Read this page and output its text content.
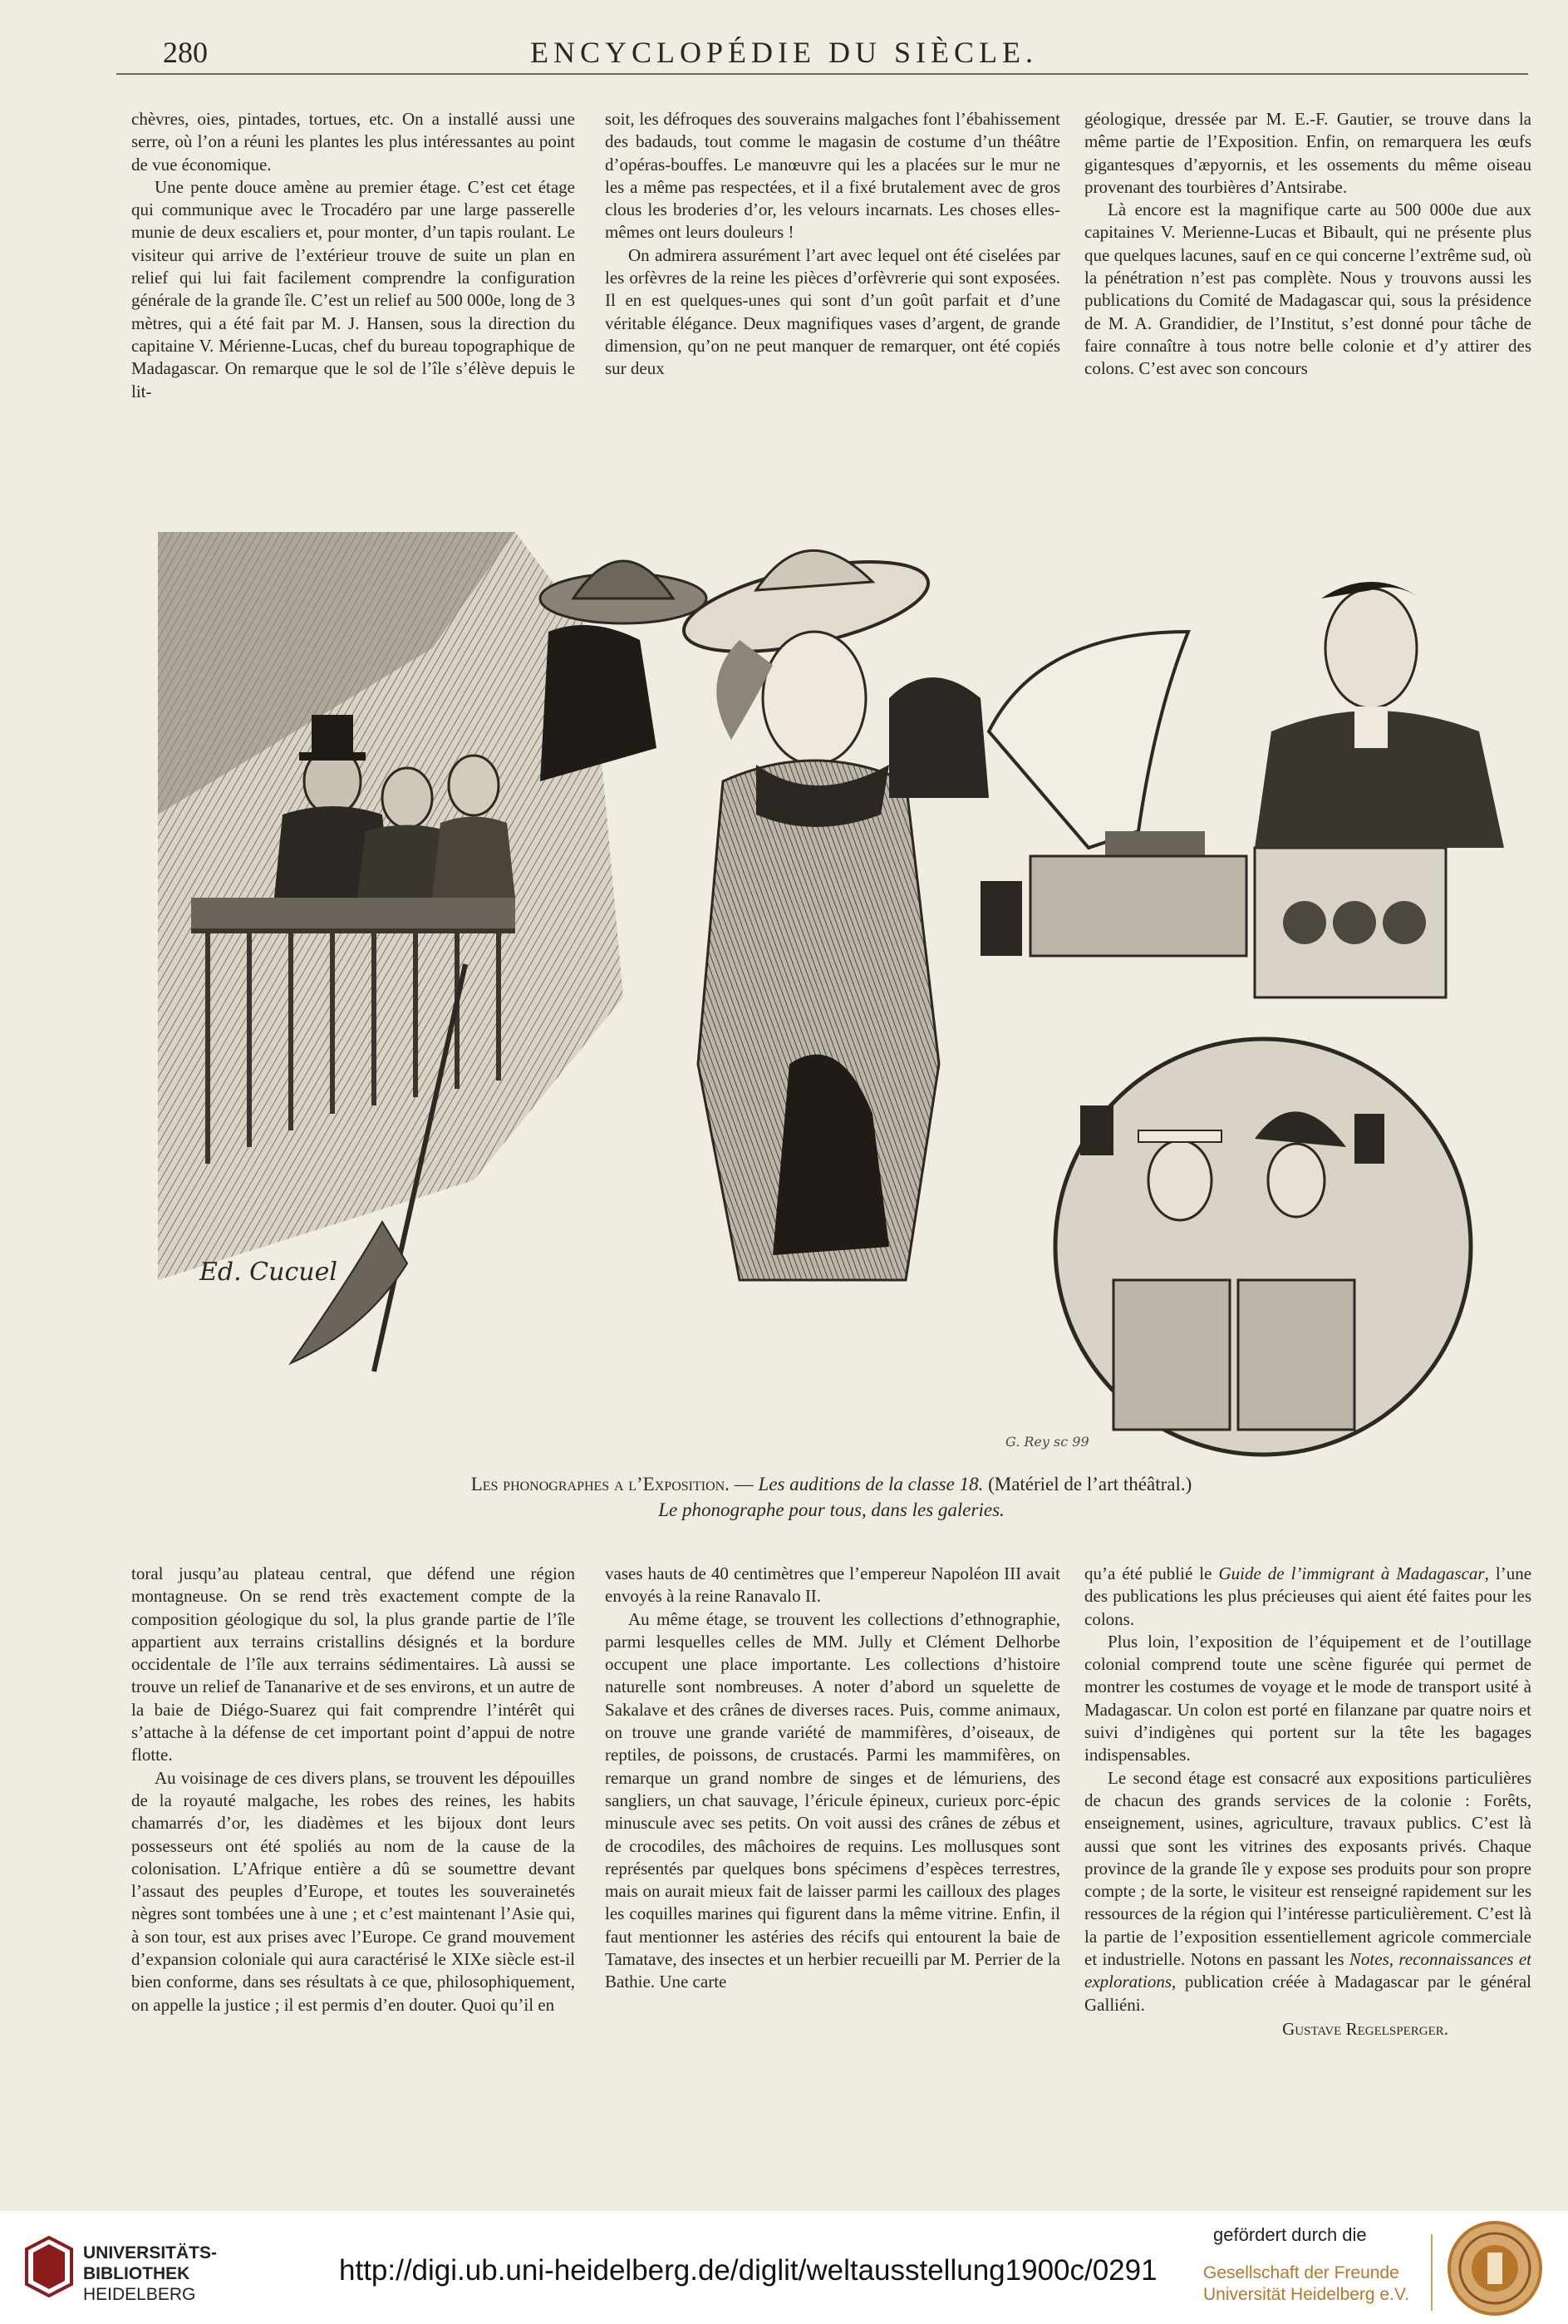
280	ENCYCLOPÉDIE DU SIÈCLE.

chèvres, oies, pintades, tortues, etc. On a installé aussi une serre, où l’on a réuni les plantes les plus intéressantes au point de vue économique.

Une pente douce amène au premier étage. C’est cet étage qui communique avec le Trocadéro par une large passerelle munie de deux escaliers et, pour monter, d’un tapis roulant. Le visiteur qui arrive de l’extérieur trouve de suite un plan en relief qui lui fait facilement comprendre la configuration générale de la grande île. C’est un relief au 500 000e, long de 3 mètres, qui a été fait par M. J. Hansen, sous la direction du capitaine V. Mérienne-Lucas, chef du bureau topographique de Madagascar. On remarque que le sol de l’île s’élève depuis le lit-

soit, les défroques des souverains malgaches font l’ébahissement des badauds, tout comme le magasin de costume d’un théâtre d’opéras-bouffes. Le manœuvre qui les a placées sur le mur ne les a même pas respectées, et il a fixé brutalement avec de gros clous les broderies d’or, les velours incarnats. Les choses elles-mêmes ont leurs douleurs !

On admirera assurément l’art avec lequel ont été ciselées par les orfèvres de la reine les pièces d’orfèvrerie qui sont exposées. Il en est quelques-unes qui sont d’un goût parfait et d’une véritable élégance. Deux magnifiques vases d’argent, de grande dimension, qu’on ne peut manquer de remarquer, ont été copiés sur deux

géologique, dressée par M. E.-F. Gautier, se trouve dans la même partie de l’Exposition. Enfin, on remarquera les œufs gigantesques d’æpyornis, et les ossements du même oiseau provenant des tourbières d’Antsirabe.

Là encore est la magnifique carte au 500 000e due aux capitaines V. Merienne-Lucas et Bibault, qui ne présente plus que quelques lacunes, sauf en ce qui concerne l’extrême sud, où la pénétration n’est pas complète. Nous y trouvons aussi les publications du Comité de Madagascar qui, sous la présidence de M. A. Grandidier, de l’Institut, s’est donné pour tâche de faire connaître à tous notre belle colonie et d’y attirer des colons. C’est avec son concours

Ed. Cucuel
G. Rey sc 99
Les phonographes a l’Exposition. — Les auditions de la classe 18. (Matériel de l’art théâtral.)
Le phonographe pour tous, dans les galeries.

toral jusqu’au plateau central, que défend une région montagneuse. On se rend très exactement compte de la composition géologique du sol, la plus grande partie de l’île appartient aux terrains cristallins désignés et la bordure occidentale de l’île aux terrains sédimentaires. Là aussi se trouve un relief de Tananarive et de ses environs, et un autre de la baie de Diégo-Suarez qui fait comprendre l’intérêt qui s’attache à la défense de cet important point d’appui de notre flotte.

Au voisinage de ces divers plans, se trouvent les dépouilles de la royauté malgache, les robes des reines, les habits chamarrés d’or, les diadèmes et les bijoux dont leurs possesseurs ont été spoliés au nom de la cause de la colonisation. L’Afrique entière a dû se soumettre devant l’assaut des peuples d’Europe, et toutes les souverainetés nègres sont tombées une à une ; et c’est maintenant l’Asie qui, à son tour, est aux prises avec l’Europe. Ce grand mouvement d’expansion coloniale qui aura caractérisé le XIXe siècle est-il bien conforme, dans ses résultats à ce que, philosophiquement, on appelle la justice ; il est permis d’en douter. Quoi qu’il en

vases hauts de 40 centimètres que l’empereur Napoléon III avait envoyés à la reine Ranavalo II.

Au même étage, se trouvent les collections d’ethnographie, parmi lesquelles celles de MM. Jully et Clément Delhorbe occupent une place importante. Les collections d’histoire naturelle sont nombreuses. A noter d’abord un squelette de Sakalave et des crânes de diverses races. Puis, comme animaux, on trouve une grande variété de mammifères, d’oiseaux, de reptiles, de poissons, de crustacés. Parmi les mammifères, on remarque un grand nombre de singes et de lémuriens, des sangliers, un chat sauvage, l’éricule épineux, curieux porc-épic minuscule avec ses petits. On voit aussi des crânes de zébus et de crocodiles, des mâchoires de requins. Les mollusques sont représentés par quelques bons spécimens d’espèces terrestres, mais on aurait mieux fait de laisser parmi les cailloux des plages les coquilles marines qui figurent dans la même vitrine. Enfin, il faut mentionner les astéries des récifs qui entourent la baie de Tamatave, des insectes et un herbier recueilli par M. Perrier de la Bathie. Une carte

qu’a été publié le Guide de l’immigrant à Madagascar, l’une des publications les plus précieuses qui aient été faites pour les colons.

Plus loin, l’exposition de l’équipement et de l’outillage colonial comprend toute une scène figurée qui permet de montrer les costumes de voyage et le mode de transport usité à Madagascar. Un colon est porté en filanzane par quatre noirs et suivi d’indigènes qui portent sur la tête les bagages indispensables.

Le second étage est consacré aux expositions particulières de chacun des grands services de la colonie : Forêts, enseignement, usines, agriculture, travaux publics. C’est là aussi que sont les vitrines des exposants privés. Chaque province de la grande île y expose ses produits pour son propre compte ; de la sorte, le visiteur est renseigné rapidement sur les ressources de la région qui l’intéresse particulièrement. C’est là la partie de l’exposition essentiellement agricole commerciale et industrielle. Notons en passant les Notes, reconnaissances et explorations, publication créée à Madagascar par le général Galliéni.

Gustave Regelsperger.

UNIVERSITÄTS-
BIBLIOTHEK
HEIDELBERG
http://digi.ub.uni-heidelberg.de/diglit/weltausstellung1900c/0291
gefördert durch die
Gesellschaft der Freunde
Universität Heidelberg e.V.
